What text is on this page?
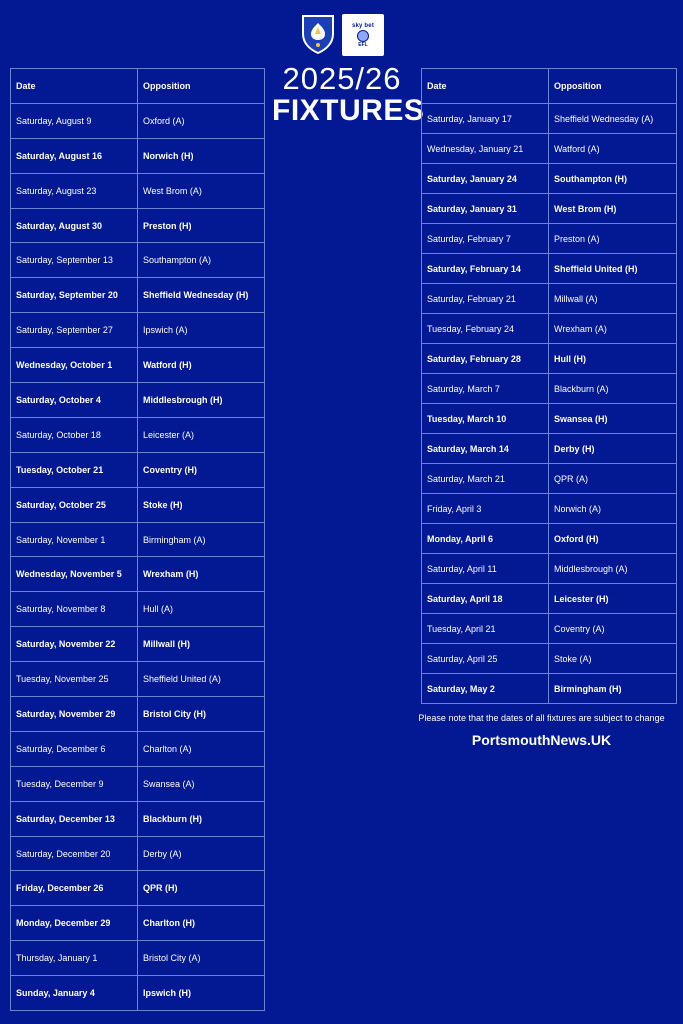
sky bet
EFL
2025/26
FIXTURES
Date	Opposition
Saturday, August 9	Oxford (A)
Saturday, August 16	Norwich (H)
Saturday, August 23	West Brom (A)
Saturday, August 30	Preston (H)
Saturday, September 13	Southampton (A)
Saturday, September 20	Sheffield Wednesday (H)
Saturday, September 27	Ipswich (A)
Wednesday, October 1	Watford (H)
Saturday, October 4	Middlesbrough (H)
Saturday, October 18	Leicester (A)
Tuesday, October 21	Coventry (H)
Saturday, October 25	Stoke (H)
Saturday, November 1	Birmingham (A)
Wednesday, November 5	Wrexham (H)
Saturday, November 8	Hull (A)
Saturday, November 22	Millwall (H)
Tuesday, November 25	Sheffield United (A)
Saturday, November 29	Bristol City (H)
Saturday, December 6	Charlton (A)
Tuesday, December 9	Swansea (A)
Saturday, December 13	Blackburn (H)
Saturday, December 20	Derby (A)
Friday, December 26	QPR (H)
Monday, December 29	Charlton (H)
Thursday, January 1	Bristol City (A)
Sunday, January 4	Ipswich (H)
Date	Opposition
Saturday, January 17	Sheffield Wednesday (A)
Wednesday, January 21	Watford (A)
Saturday, January 24	Southampton (H)
Saturday, January 31	West Brom (H)
Saturday, February 7	Preston (A)
Saturday, February 14	Sheffield United (H)
Saturday, February 21	Millwall (A)
Tuesday, February 24	Wrexham (A)
Saturday, February 28	Hull (H)
Saturday, March 7	Blackburn (A)
Tuesday, March 10	Swansea (H)
Saturday, March 14	Derby (H)
Saturday, March 21	QPR (A)
Friday, April 3	Norwich (A)
Monday, April 6	Oxford (H)
Saturday, April 11	Middlesbrough (A)
Saturday, April 18	Leicester (H)
Tuesday, April 21	Coventry (A)
Saturday, April 25	Stoke (A)
Saturday, May 2	Birmingham (H)
Please note that the dates of all fixtures are subject to change
PortsmouthNews.UK
